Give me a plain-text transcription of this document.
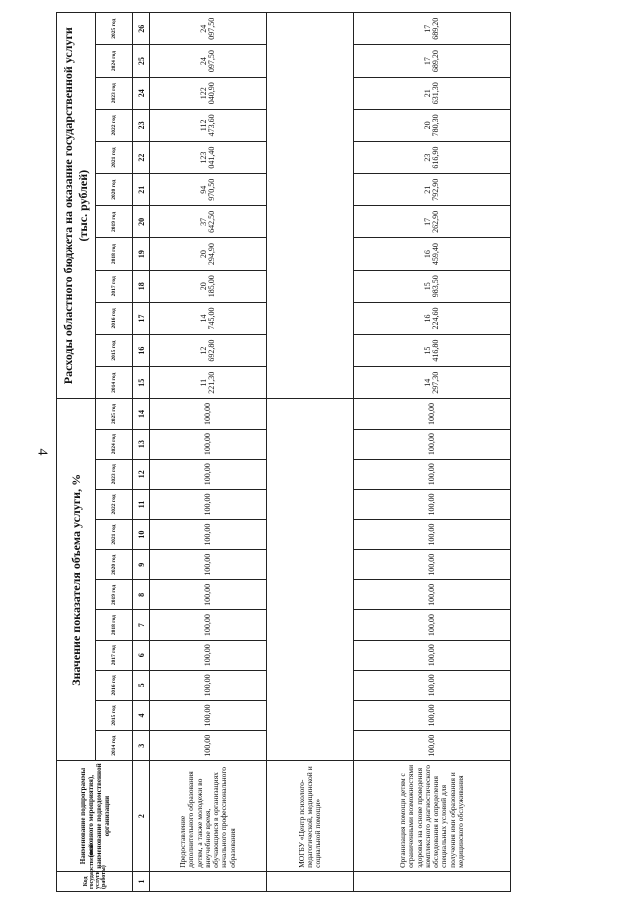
4
Код государственной услуги (работы)	Наименование подпрограммы (основного мероприятия), наименование подведомственной организации	Значение показателя объема услуги, %												Расходы областного бюджета на оказание государственной услуги (тыс. рублей)											
		2014 год	2015 год	2016 год	2017 год	2018 год	2019 год	2020 год	2021 год	2022 год	2023 год	2024 год	2025 год	2014 год	2015 год	2016 год	2017 год	2018 год	2019 год	2020 год	2021 год	2022 год	2023 год	2024 год	2025 год
1	2	3	4	5	6	7	8	9	10	11	12	13	14	15	16	17	18	19	20	21	22	23	24	25	26
	Предоставление дополнительного образования детям, а также молодежи во внеучебное время, обучающимся в организациях начального профессионального образования	100,00	100,00	100,00	100,00	100,00	100,00	100,00	100,00	100,00	100,00	100,00	100,00	11 221,30	12 692,80	14 745,00	20 185,00	20 294,90	37 642,50	94 970,50	123 041,40	112 473,60	122 040,90	24 097,50	24 097,50
	МОГБУ «Центр психолого-педагогической, медицинской и социальной помощи»																								
	Организация помощи детям с ограниченными возможностями здоровья на основе проведения комплексного диагностического обследования и определения специальных условий для получения ими образования и медицинского обслуживания	100,00	100,00	100,00	100,00	100,00	100,00	100,00	100,00	100,00	100,00	100,00	100,00	14 297,30	15 416,80	16 224,60	15 983,50	16 459,40	17 262,90	21 792,90	23 616,90	20 780,30	21 631,30	17 689,20	17 689,20
